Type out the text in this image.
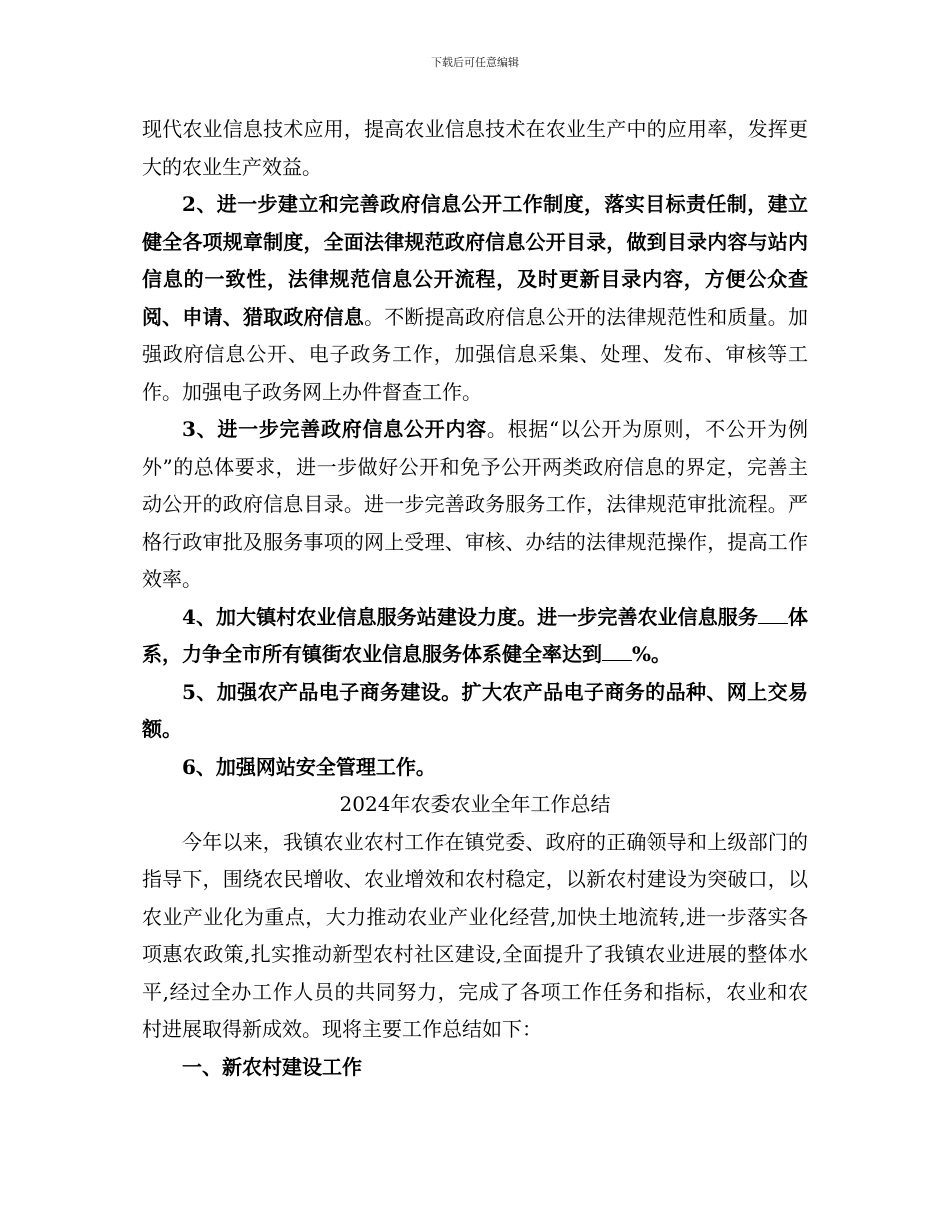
下载后可任意编辑

现代农业信息技术应用，提高农业信息技术在农业生产中的应用率，发挥更大的农业生产效益。

2、进一步建立和完善政府信息公开工作制度，落实目标责任制，建立健全各项规章制度，全面法律规范政府信息公开目录，做到目录内容与站内信息的一致性，法律规范信息公开流程，及时更新目录内容，方便公众查阅、申请、猎取政府信息。不断提高政府信息公开的法律规范性和质量。加强政府信息公开、电子政务工作，加强信息采集、处理、发布、审核等工作。加强电子政务网上办件督查工作。

3、进一步完善政府信息公开内容。根据“以公开为原则，不公开为例外”的总体要求，进一步做好公开和免予公开两类政府信息的界定，完善主动公开的政府信息目录。进一步完善政务服务工作，法律规范审批流程。严格行政审批及服务事项的网上受理、审核、办结的法律规范操作，提高工作效率。

4、加大镇村农业信息服务站建设力度。进一步完善农业信息服务 体系，力争全市所有镇街农业信息服务体系健全率达到 %。

5、加强农产品电子商务建设。扩大农产品电子商务的品种、网上交易额。

6、加强网站安全管理工作。

2024年农委农业全年工作总结

今年以来，我镇农业农村工作在镇党委、政府的正确领导和上级部门的指导下，围绕农民增收、农业增效和农村稳定，以新农村建设为突破口，以农业产业化为重点，大力推动农业产业化经营,加快土地流转,进一步落实各项惠农政策,扎实推动新型农村社区建设,全面提升了我镇农业进展的整体水平,经过全办工作人员的共同努力，完成了各项工作任务和指标，农业和农村进展取得新成效。现将主要工作总结如下：

一、新农村建设工作
